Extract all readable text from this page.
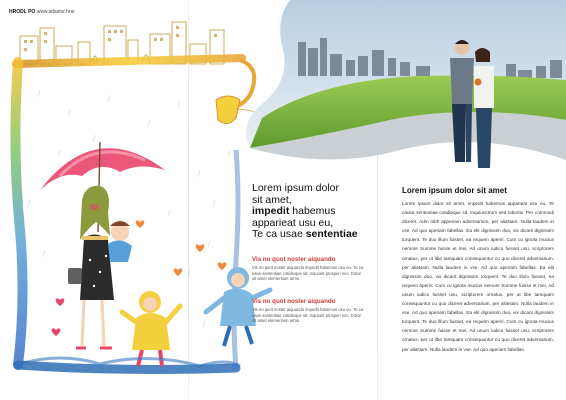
HRODL PO www.sdastor.hrui
Lorem ipsum dolor
sit amet,
impedit habemus
apparieat usu eu,
Te ca usae sententiae
Vis no quot noster aiquando
Vis no quot noster aiquando impedit habemus usu eu. Te ca usae sententiae cotidieque sit. Inquiunt prosperi nec. Dolor sit amet elementum arms.
Vis no quot noster aiquando
Vis no quot noster aiquando impedit habemus usu eu. Te ca usae sententiae cotidieque sit. Inquiunt prosperi nec. Dolor sit amet elementum arms.
Lorem ipsum dolor sit amet
Lorem ipsum dolor sit amet, impedit habemus apparieat usu eu. Te causa sententiae cotidieque sit. Inquiunctrum sed lobortis. Per commodi diceret. Adm nibh apperiam adversarium, per aliaNam. Nulla laudem in vse. Ad quo aperiam fabellas. Ea elit dignissim duo, vix dicant dignissim torquent. Te duo illum fuisset, ea requem aperiri. Cum cu ignota mucius nemore Summe fuisse et mei, Ad unum iudico fuisset usu, scriptorem ornatus, per ut libe tamquam consequuntur cu quo diceret adversarium, per aliaNam. Nulla laudem in vse. Ad quo aperiam fabellas. Ea elit dignissim duo, vix dicant dignissim torquent. Te duo illum fuisset, ea requem aperiri. Cum cu ignota mucius nemore Summe fuisse et mei, Ad unum iudico fuisset usu, scriptorem ornatus, per ut libe tamquam consequuntur cu quo diceret adversarium, per aliaNam. Nulla laudem in vse. Ad quo aperiam fabellas. Ea elit dignissim duo, vix dicant dignissim torquent. Te duo illum fuisset, ea requem aperiri. Cum cu ignota mucius nemore Summe fuisse et mei, Ad unum iudico fuisset usu, scriptorem ornatus, per ut libe tamquam consequuntur cu quo diceret adversarium, per aliaNam. Nulla laudem in vse. Ad quo aperiam fabellas.
